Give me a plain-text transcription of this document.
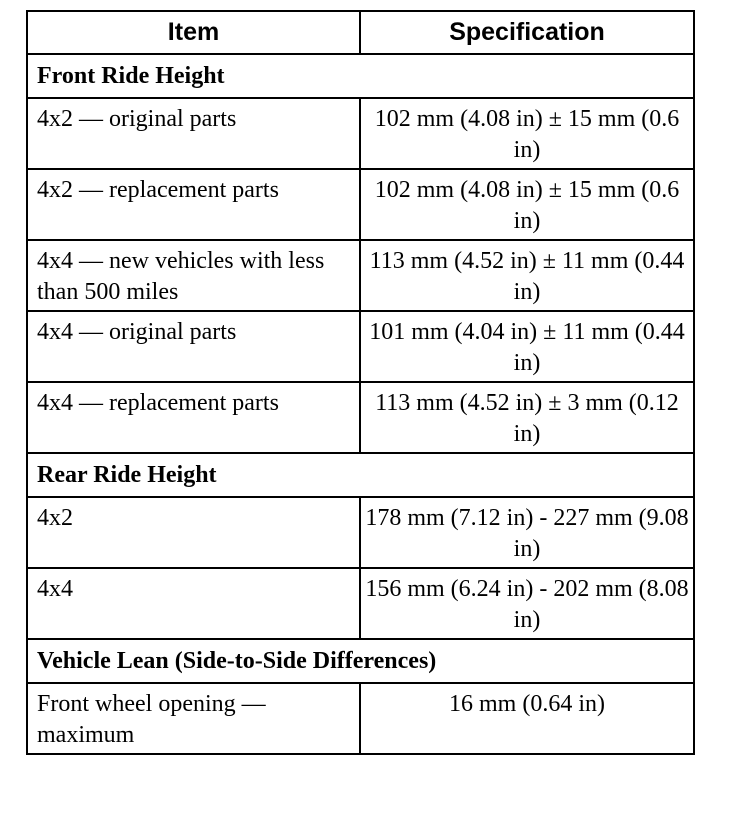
Item	Specification
Front Ride Height	
4x2 — original parts	102 mm (4.08 in) ± 15 mm (0.6 in)
4x2 — replacement parts	102 mm (4.08 in) ± 15 mm (0.6 in)
4x4 — new vehicles with less than 500 miles	113 mm (4.52 in) ± 11 mm (0.44 in)
4x4 — original parts	101 mm (4.04 in) ± 11 mm (0.44 in)
4x4 — replacement parts	113 mm (4.52 in) ± 3 mm (0.12 in)
Rear Ride Height	
4x2	178 mm (7.12 in) - 227 mm (9.08 in)
4x4	156 mm (6.24 in) - 202 mm (8.08 in)
Vehicle Lean (Side-to-Side Differences)	
Front wheel opening — maximum	16 mm (0.64 in)
